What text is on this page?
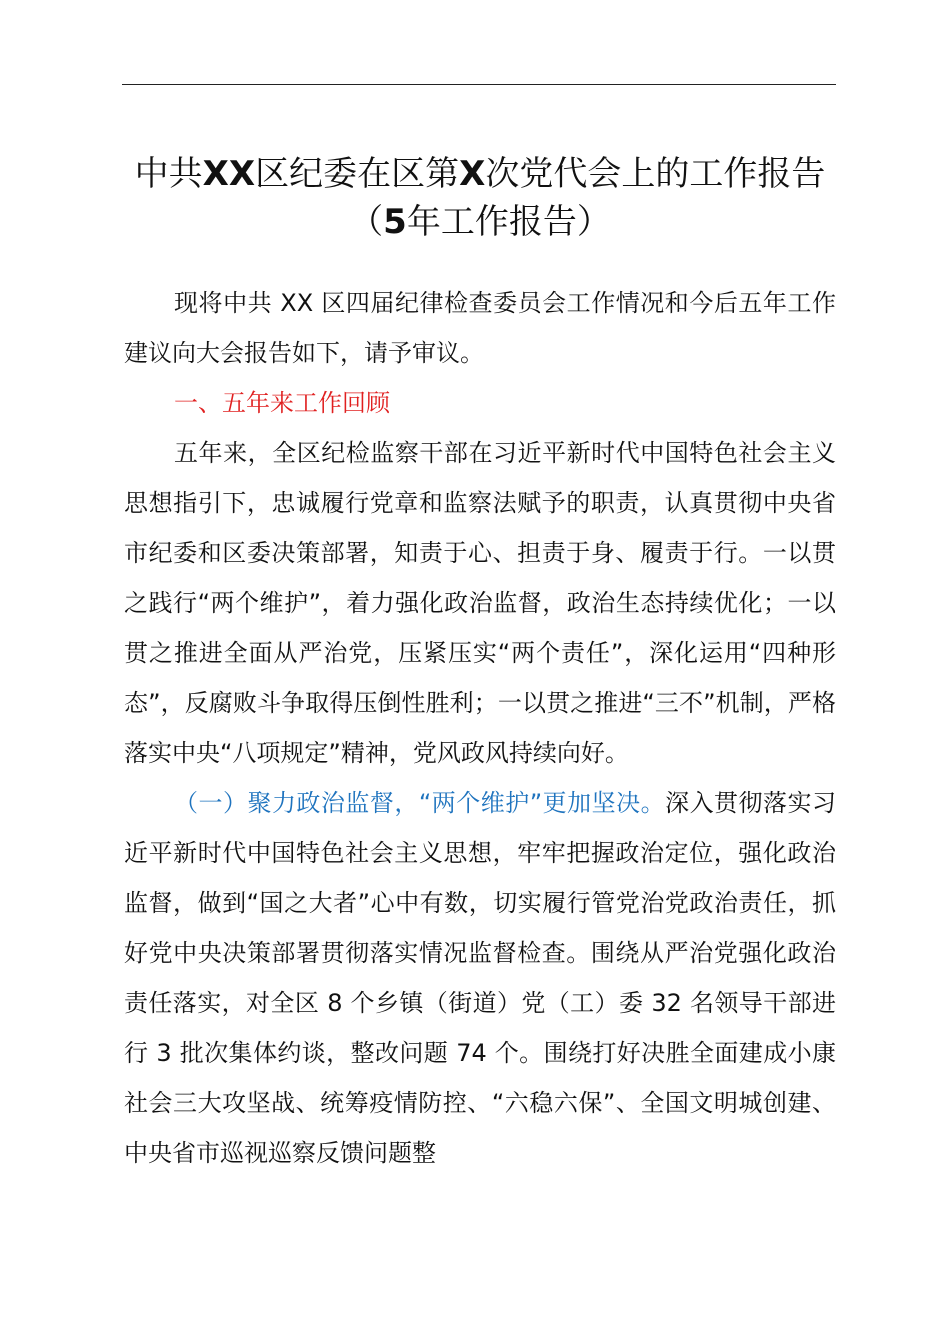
中共XX区纪委在区第X次党代会上的工作报告（5年工作报告）

现将中共 XX 区四届纪律检查委员会工作情况和今后五年工作建议向大会报告如下，请予审议。

一、五年来工作回顾

五年来，全区纪检监察干部在习近平新时代中国特色社会主义思想指引下，忠诚履行党章和监察法赋予的职责，认真贯彻中央省市纪委和区委决策部署，知责于心、担责于身、履责于行。一以贯之践行“两个维护”，着力强化政治监督，政治生态持续优化；一以贯之推进全面从严治党，压紧压实“两个责任”，深化运用“四种形态”，反腐败斗争取得压倒性胜利；一以贯之推进“三不”机制，严格落实中央“八项规定”精神，党风政风持续向好。

（一）聚力政治监督，“两个维护”更加坚决。深入贯彻落实习近平新时代中国特色社会主义思想，牢牢把握政治定位，强化政治监督，做到“国之大者”心中有数，切实履行管党治党政治责任，抓好党中央决策部署贯彻落实情况监督检查。围绕从严治党强化政治责任落实，对全区 8 个乡镇（街道）党（工）委 32 名领导干部进行 3 批次集体约谈，整改问题 74 个。围绕打好决胜全面建成小康社会三大攻坚战、统筹疫情防控、“六稳六保”、全国文明城创建、中央省市巡视巡察反馈问题整
